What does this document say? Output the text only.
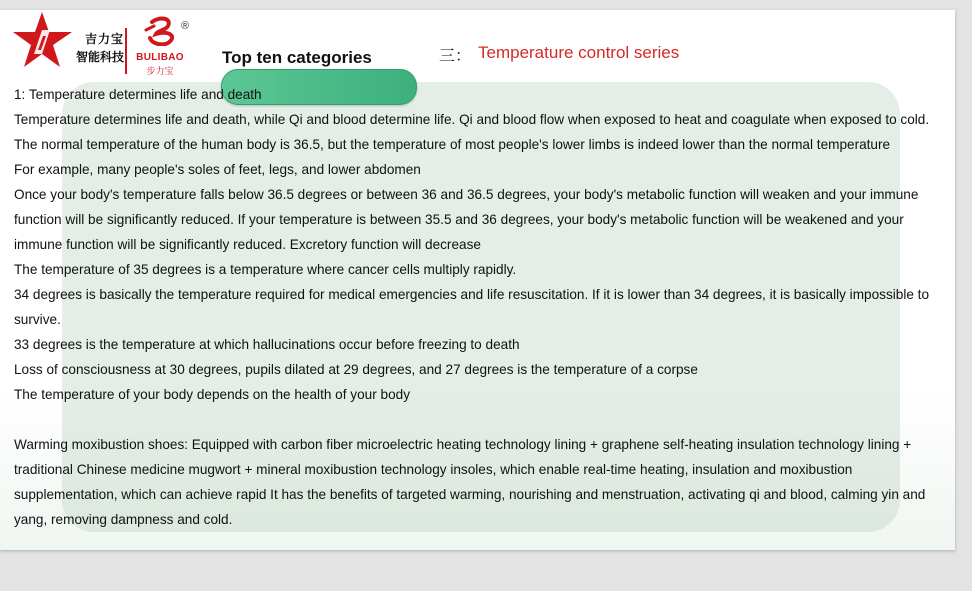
吉力宝
智能科技
®
BULIBAO
步力宝
Top ten categories	三： Temperature control series

1: Temperature determines life and death

Temperature determines life and death, while Qi and blood determine life. Qi and blood flow when exposed to heat and coagulate when exposed to cold.

The normal temperature of the human body is 36.5, but the temperature of most people's lower limbs is indeed lower than the normal temperature

For example, many people's soles of feet, legs, and lower abdomen

Once your body's temperature falls below 36.5 degrees or between 36 and 36.5 degrees, your body's metabolic function will weaken and your immune function will be significantly reduced. If your temperature is between 35.5 and 36 degrees, your body's metabolic function will be weakened and your immune function will be significantly reduced. Excretory function will decrease

The temperature of 35 degrees is a temperature where cancer cells multiply rapidly.

34 degrees is basically the temperature required for medical emergencies and life resuscitation. If it is lower than 34 degrees, it is basically impossible to survive.

33 degrees is the temperature at which hallucinations occur before freezing to death

Loss of consciousness at 30 degrees, pupils dilated at 29 degrees, and 27 degrees is the temperature of a corpse

The temperature of your body depends on the health of your body

Warming moxibustion shoes: Equipped with carbon fiber microelectric heating technology lining + graphene self-heating insulation technology lining + traditional Chinese medicine mugwort + mineral moxibustion technology insoles, which enable real-time heating, insulation and moxibustion supplementation, which can achieve rapid It has the benefits of targeted warming, nourishing and menstruation, activating qi and blood, calming yin and yang, removing dampness and cold.
